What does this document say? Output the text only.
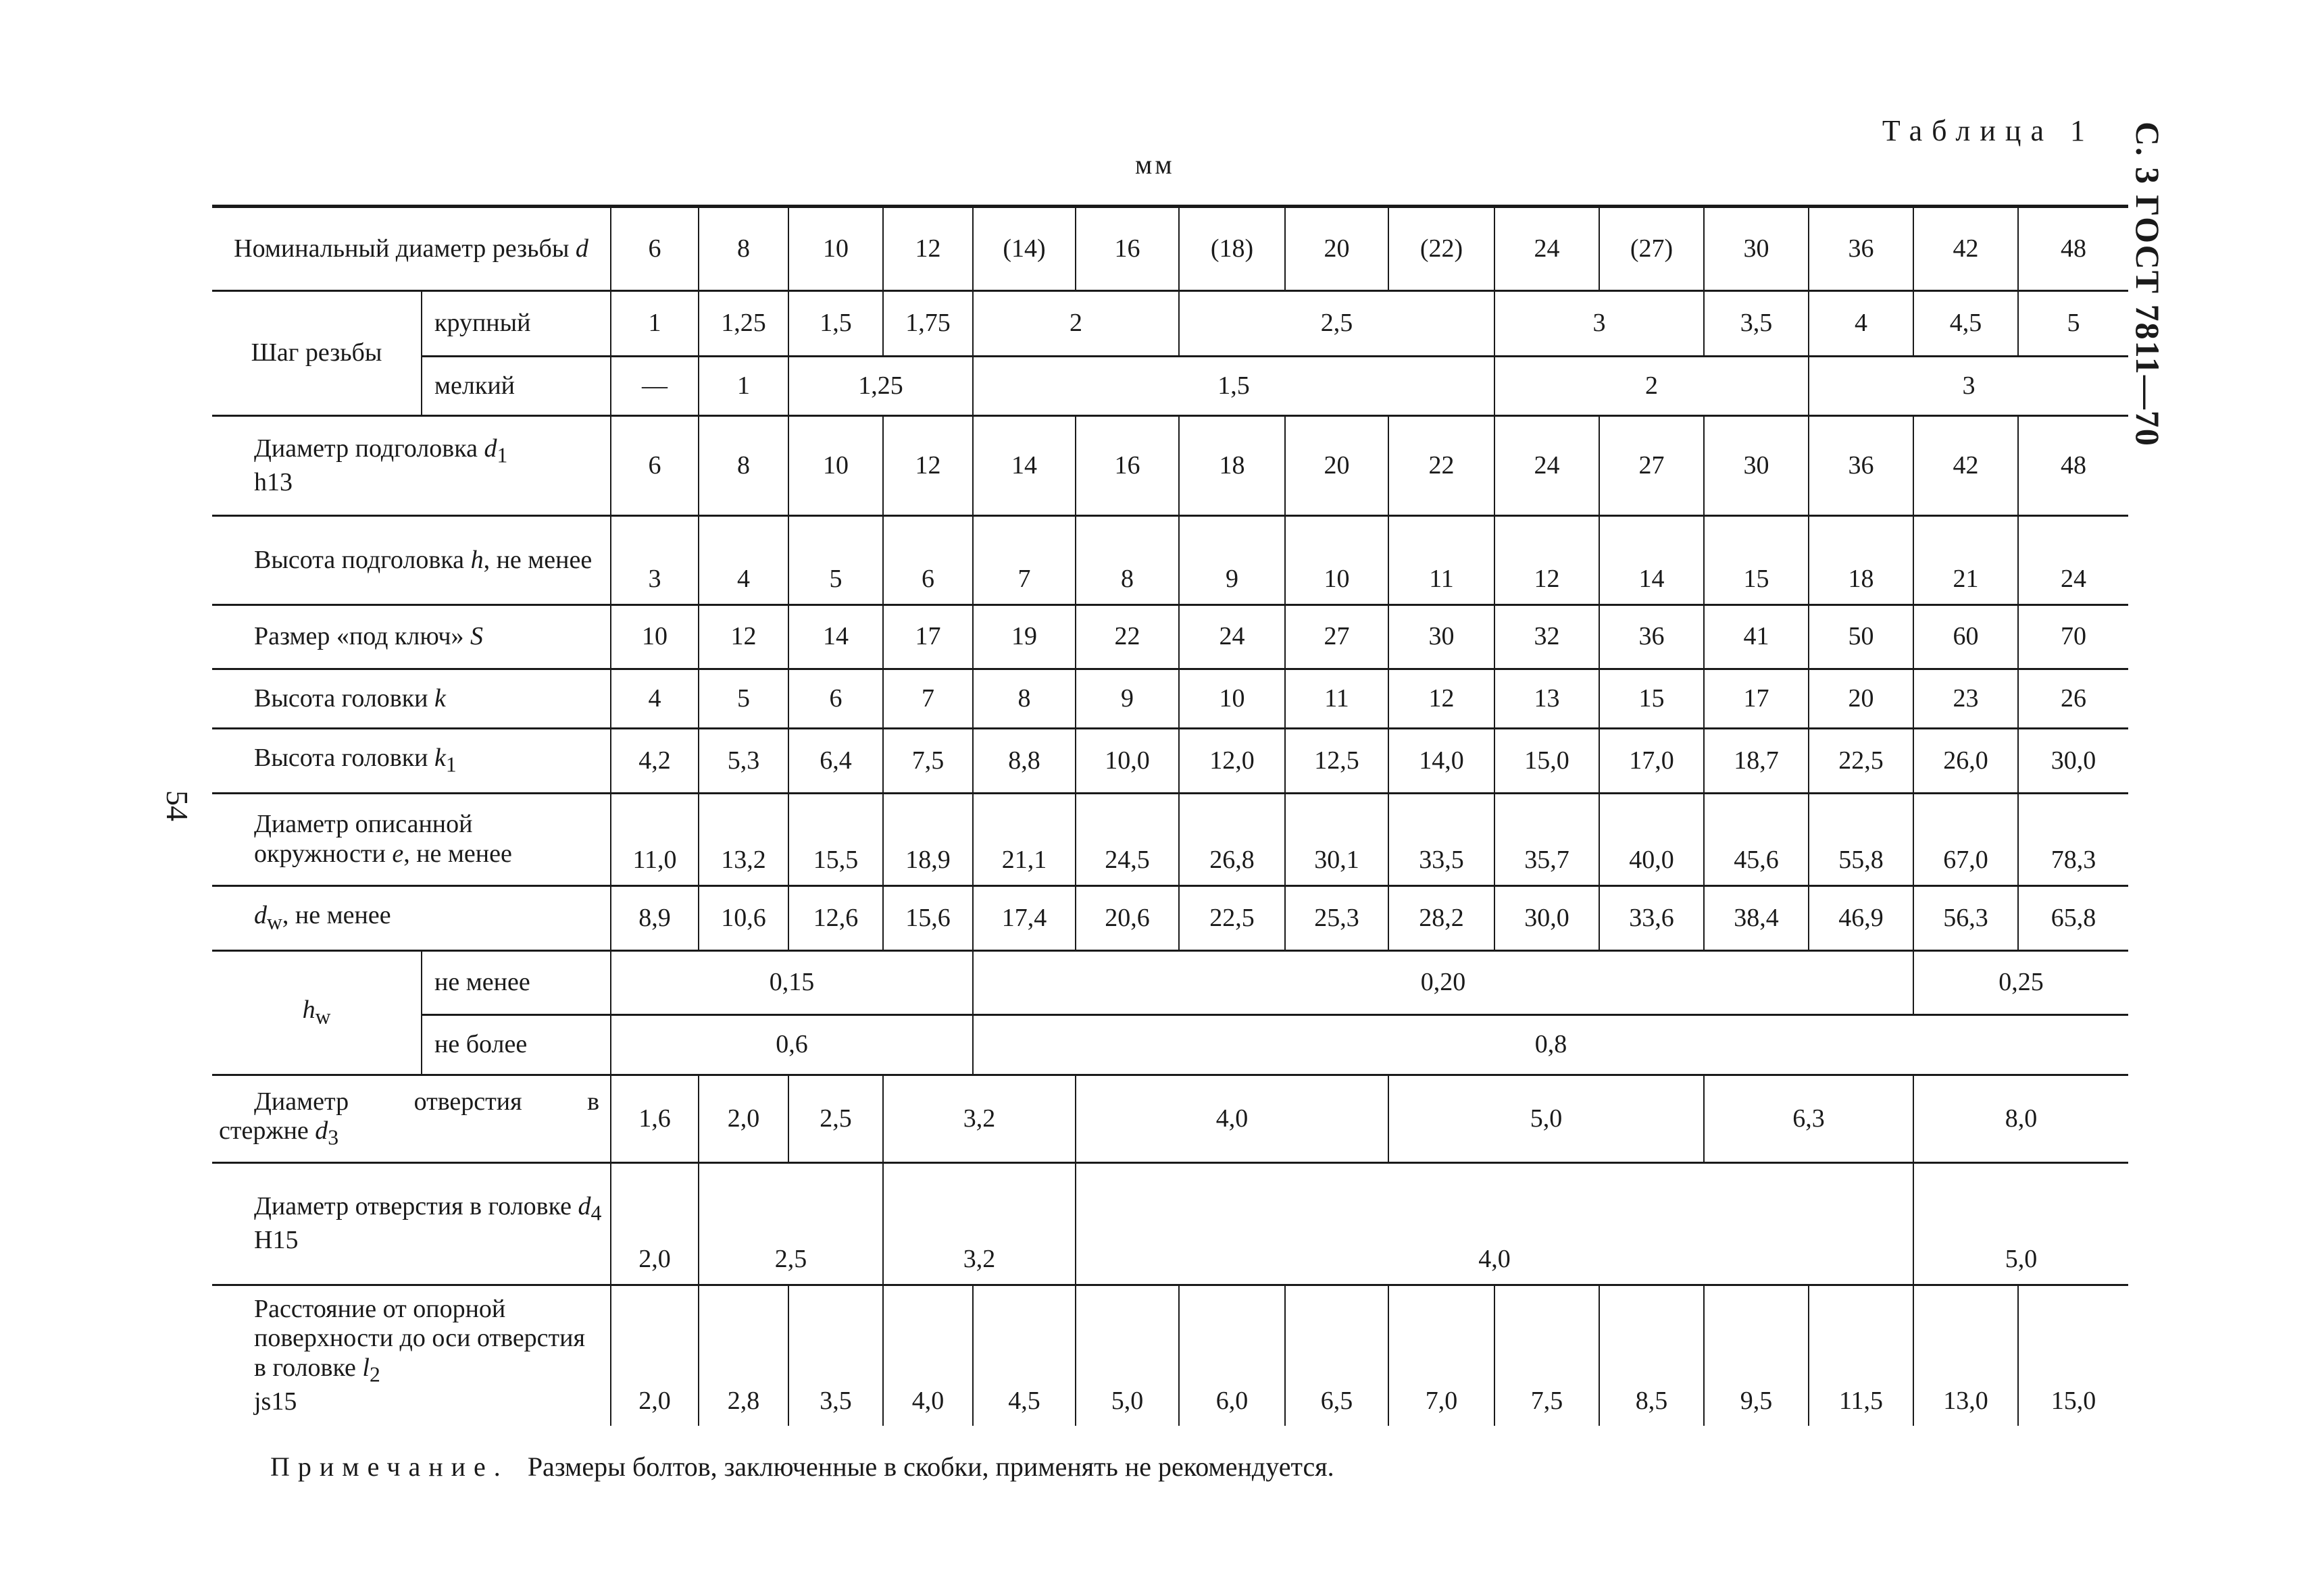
С. 3 ГОСТ 7811—70
54
Таблица 1
мм
Номинальный диаметр резьбы d		6	8	10	12	(14)	16	(18)	20	(22)	24	(27)	30	36	42	48
Шаг резьбы	крупный	1	1,25	1,5	1,75	2		2,5			3		3,5	4	4,5	5
	мелкий	—	1	1,25		1,5					2			3		

Диаметр подголовка $d_1$
h13		6	8	10	12	14	16	18	20	22	24	27	30	36	42	48

Высота подголовка h, не менее		3	4	5	6	7	8	9	10	11	12	14	15	18	21	24

Размер «под ключ» S		10	12	14	17	19	22	24	27	30	32	36	41	50	60	70

Высота головки k		4	5	6	7	8	9	10	11	12	13	15	17	20	23	26

Высота головки $k_1$		4,2	5,3	6,4	7,5	8,8	10,0	12,0	12,5	14,0	15,0	17,0	18,7	22,5	26,0	30,0

Диаметр описанной окружности e, не менее		11,0	13,2	15,5	18,9	21,1	24,5	26,8	30,1	33,5	35,7	40,0	45,6	55,8	67,0	78,3

$d_w$, не менее		8,9	10,6	12,6	15,6	17,4	20,6	22,5	25,3	28,2	30,0	33,6	38,4	46,9	56,3	65,8
$h_w$	не менее	0,15				0,20									0,25	
	не более	0,6				0,8										

Диаметр отверстия в
стержне $d_3$		1,6	2,0	2,5	3,2		4,0			5,0			6,3		8,0	

Диаметр отверстия в головке $d_4$
H15		2,0	2,5		3,2		4,0								5,0	

Расстояние от опорной поверхности до оси отверстия в головке $l_2$
js15		2,0	2,8	3,5	4,0	4,5	5,0	6,0	6,5	7,0	7,5	8,5	9,5	11,5	13,0	15,0
Примечание. Размеры болтов, заключенные в скобки, применять не рекомендуется.
